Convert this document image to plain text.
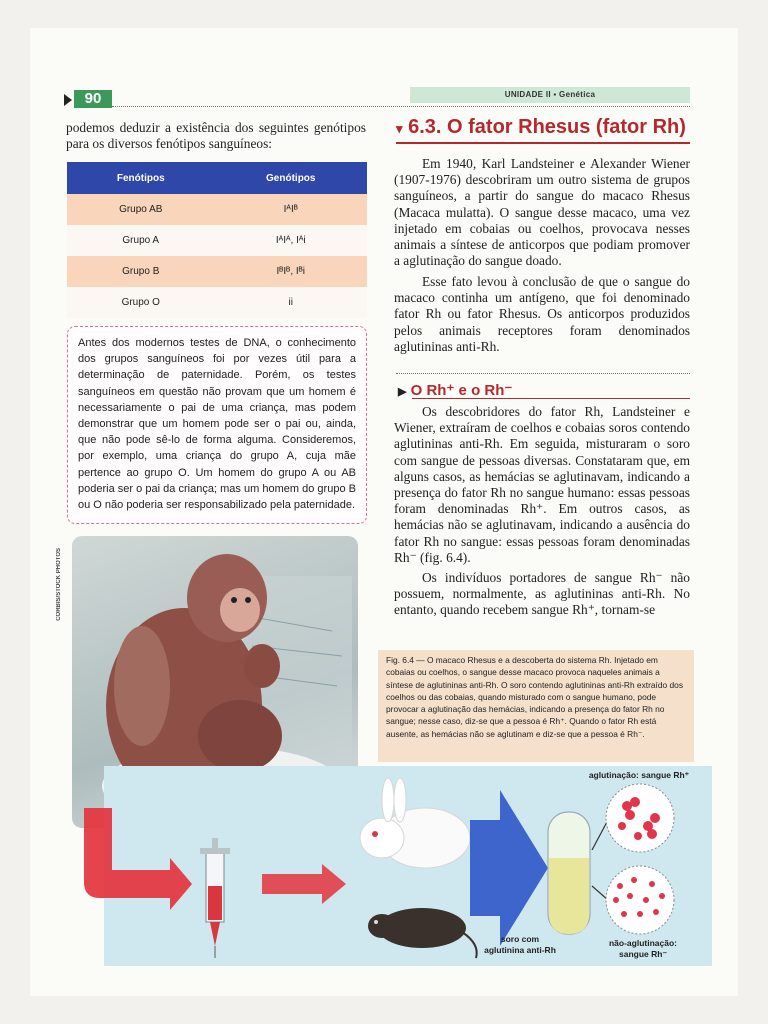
90	UNIDADE II ▪ Genética

podemos deduzir a existência dos seguintes genótipos para os diversos fenótipos sanguíneos:

Fenótipos	Genótipos
Grupo AB	IᴬIᴮ
Grupo A	IᴬIᴬ, Iᴬi
Grupo B	IᴮIᴮ, Iᴮi
Grupo O	ii

Antes dos modernos testes de DNA, o conhecimento dos grupos sanguíneos foi por vezes útil para a determinação de paternidade. Porém, os testes sanguíneos em questão não provam que um homem é necessariamente o pai de uma criança, mas podem demonstrar que um homem pode ser o pai ou, ainda, que não pode sê-lo de forma alguma. Consideremos, por exemplo, uma criança do grupo A, cuja mãe pertence ao grupo O. Um homem do grupo A ou AB poderia ser o pai da criança; mas um homem do grupo B ou O não poderia ser responsabilizado pela paternidade.

CORBIS/STOCK PHOTOS
▾ 6.3. O fator Rhesus (fator Rh)

Em 1940, Karl Landsteiner e Alexander Wiener (1907-1976) descobriram um outro sistema de grupos sanguíneos, a partir do sangue do macaco Rhesus (Macaca mulatta). O sangue desse macaco, uma vez injetado em cobaias ou coelhos, provocava nesses animais a síntese de anticorpos que podiam promover a aglutinação do sangue doado.

Esse fato levou à conclusão de que o sangue do macaco continha um antígeno, que foi denominado fator Rh ou fator Rhesus. Os anticorpos produzidos pelos animais receptores foram denominados aglutininas anti-Rh.

▶ O Rh⁺ e o Rh⁻

Os descobridores do fator Rh, Landsteiner e Wiener, extraíram de coelhos e cobaias soros contendo aglutininas anti-Rh. Em seguida, misturaram o soro com sangue de pessoas diversas. Constataram que, em alguns casos, as hemácias se aglutinavam, indicando a presença do fator Rh no sangue humano: essas pessoas foram denominadas Rh⁺. Em outros casos, as hemácias não se aglutinavam, indicando a ausência do fator Rh no sangue: essas pessoas foram denominadas Rh⁻ (fig. 6.4).

Os indivíduos portadores de sangue Rh⁻ não possuem, normalmente, as aglutininas anti-Rh. No entanto, quando recebem sangue Rh⁺, tornam-se

Fig. 6.4 — O macaco Rhesus e a descoberta do sistema Rh. Injetado em cobaias ou coelhos, o sangue desse macaco provoca naqueles animais a síntese de aglutininas anti-Rh. O soro contendo aglutininas anti-Rh extraído dos coelhos ou das cobaias, quando misturado com o sangue humano, pode provocar a aglutinação das hemácias, indicando a presença do fator Rh no sangue; nesse caso, diz-se que a pessoa é Rh⁺. Quando o fator Rh está ausente, as hemácias não se aglutinam e diz-se que a pessoa é Rh⁻.

aglutinação: sangue Rh⁺
soro com aglutinina anti-Rh
não-aglutinação: sangue Rh⁻
